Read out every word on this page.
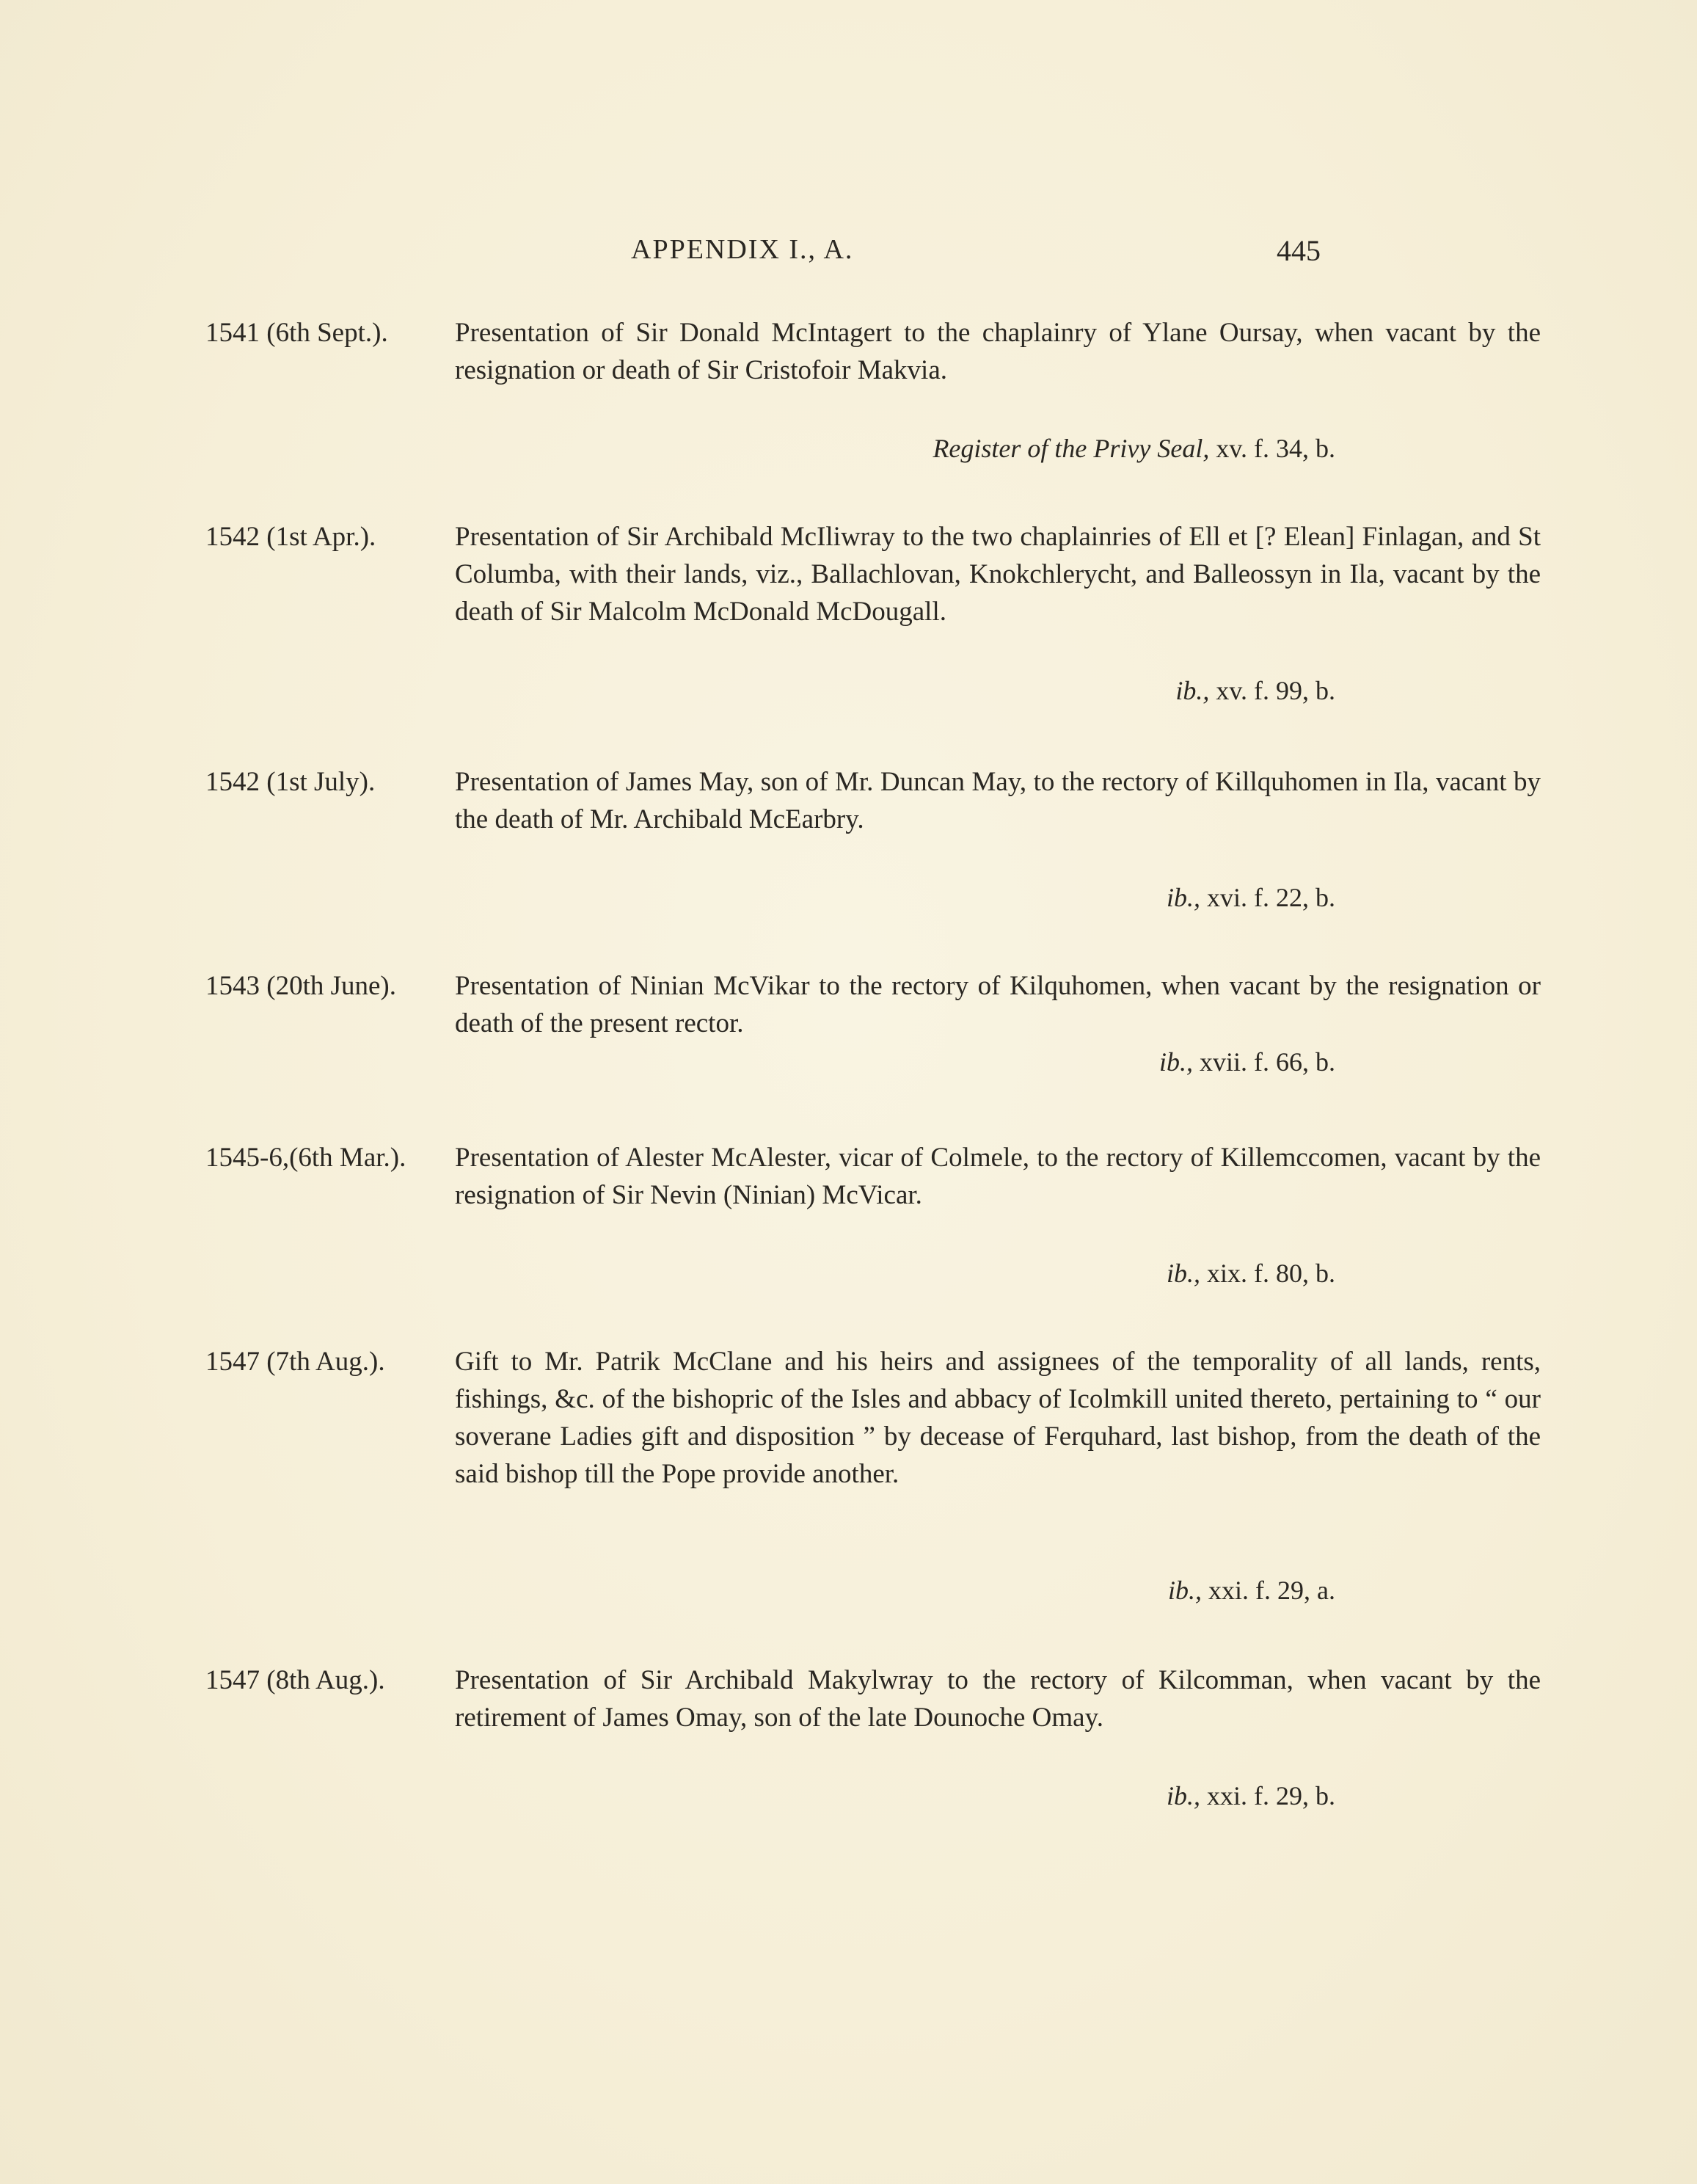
APPENDIX I., A.	445
1541 (6th Sept.). Presentation of Sir Donald McIntagert to the chaplainry of Ylane Oursay, when vacant by the resignation or death of Sir Cristofoir Makvia.
Register of the Privy Seal, xv. f. 34, b.
1542 (1st Apr.).	Presentation of Sir Archibald McIliwray to the two chaplainries of Ell et [? Elean] Finlagan, and St Columba, with their lands, viz., Ballachlovan, Knokchlerycht, and Balleossyn in Ila, vacant by the death of Sir Malcolm McDonald McDougall.
ib., xv. f. 99, b.
1542 (1st July).	Presentation of James May, son of Mr. Duncan May, to the rectory of Killquhomen in Ila, vacant by the death of Mr. Archibald McEarbry.
ib., xvi. f. 22, b.
1543 (20th June). Presentation of Ninian McVikar to the rectory of Kilquhomen, when vacant by the resignation or death of the present rector.
ib., xvii. f. 66, b.
1545-6,(6th Mar.). Presentation of Alester McAlester, vicar of Colmele, to the rectory of Killemccomen, vacant by the resignation of Sir Nevin (Ninian) McVicar.
ib., xix. f. 80, b.
1547 (7th Aug.).	Gift to Mr. Patrik McClane and his heirs and assignees of the temporality of all lands, rents, fishings, &c. of the bishopric of the Isles and abbacy of Icolmkill united thereto, pertaining to “ our soverane Ladies gift and disposition ” by decease of Ferquhard, last bishop, from the death of the said bishop till the Pope provide another.
ib., xxi. f. 29, a.
1547 (8th Aug.).	Presentation of Sir Archibald Makylwray to the rectory of Kilcomman, when vacant by the retirement of James Omay, son of the late Dounoche Omay.
ib., xxi. f. 29, b.
